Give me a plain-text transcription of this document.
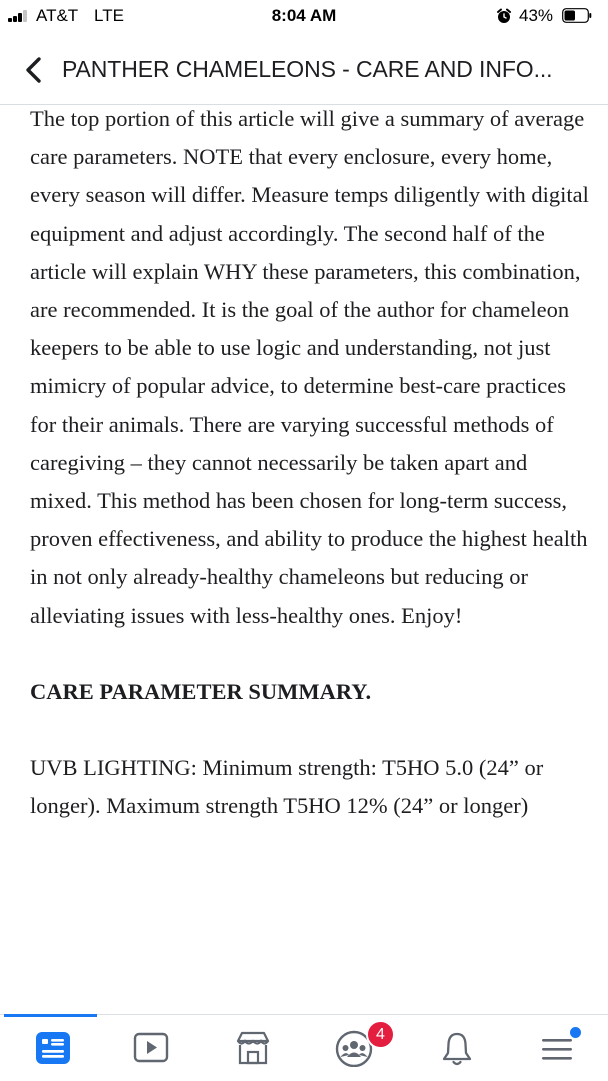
AT&T LTE	8:04 AM	43%
PANTHER CHAMELEONS - CARE AND INFO...

The top portion of this article will give a summary of average care parameters. NOTE that every enclosure, every home, every season will differ. Measure temps diligently with digital equipment and adjust accordingly. The second half of the article will explain WHY these parameters, this combination, are recommended. It is the goal of the author for chameleon keepers to be able to use logic and understanding, not just mimicry of popular advice, to determine best-care practices for their animals. There are varying successful methods of caregiving – they cannot necessarily be taken apart and mixed. This method has been chosen for long-term success, proven effectiveness, and ability to produce the highest health in not only already-healthy chameleons but reducing or alleviating issues with less-healthy ones. Enjoy!

CARE PARAMETER SUMMARY.

UVB LIGHTING: Minimum strength: T5HO 5.0 (24” or longer). Maximum strength T5HO 12% (24” or longer)

4
